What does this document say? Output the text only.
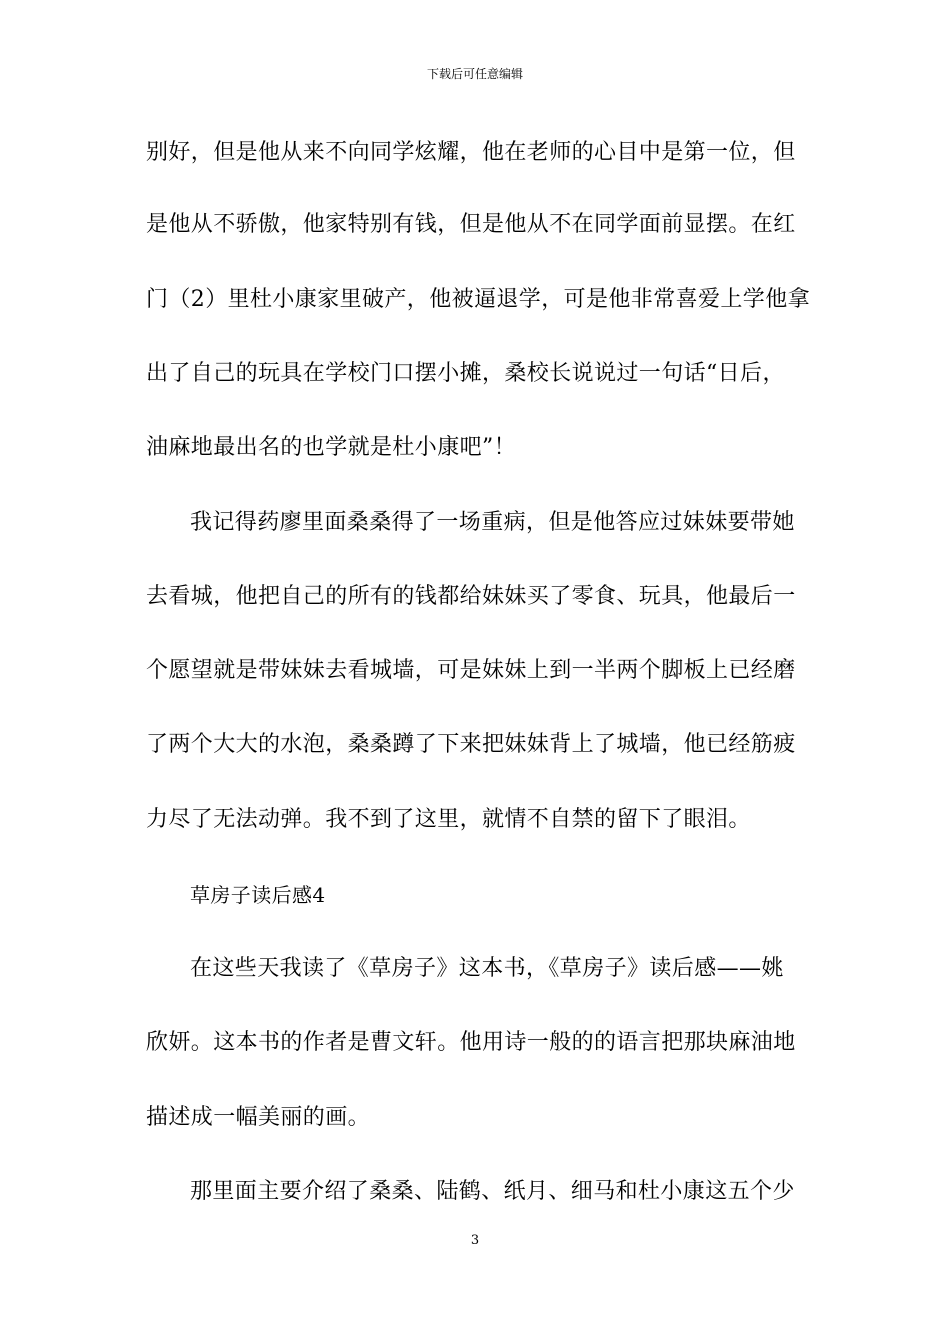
下载后可任意编辑
别好，但是他从来不向同学炫耀，他在老师的心目中是第一位，但
是他从不骄傲，他家特别有钱，但是他从不在同学面前显摆。在红
门（2）里杜小康家里破产，他被逼退学，可是他非常喜爱上学他拿
出了自己的玩具在学校门口摆小摊，桑校长说说过一句话“日后，
油麻地最出名的也学就是杜小康吧”！
我记得药廖里面桑桑得了一场重病，但是他答应过妹妹要带她
去看城，他把自己的所有的钱都给妹妹买了零食、玩具，他最后一
个愿望就是带妹妹去看城墙，可是妹妹上到一半两个脚板上已经磨
了两个大大的水泡，桑桑蹲了下来把妹妹背上了城墙，他已经筋疲
力尽了无法动弹。我不到了这里，就情不自禁的留下了眼泪。
草房子读后感4
在这些天我读了《草房子》这本书，《草房子》读后感——姚
欣妍。这本书的作者是曹文轩。他用诗一般的的语言把那块麻油地
描述成一幅美丽的画。
那里面主要介绍了桑桑、陆鹤、纸月、细马和杜小康这五个少
3
